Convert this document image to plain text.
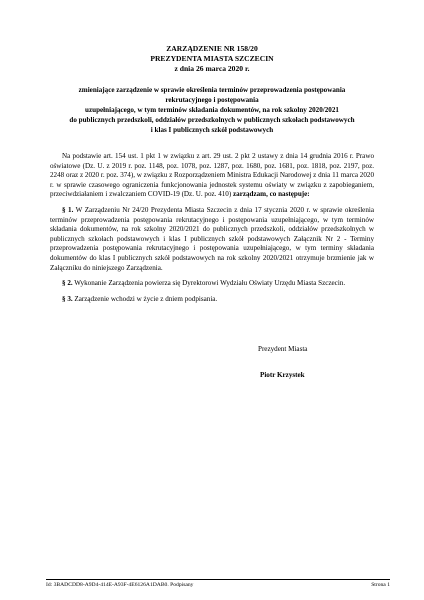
ZARZĄDZENIE NR 158/20
PREZYDENTA MIASTA SZCZECIN
z dnia 26 marca 2020 r.
zmieniające zarządzenie w sprawie określenia terminów przeprowadzenia postępowania
rekrutacyjnego i postępowania
uzupełniającego, w tym terminów składania dokumentów, na rok szkolny 2020/2021
do publicznych przedszkoli, oddziałów przedszkolnych w publicznych szkołach podstawowych
i klas I publicznych szkół podstawowych

Na podstawie art. 154 ust. 1 pkt 1 w związku z art. 29 ust. 2 pkt 2 ustawy z dnia 14 grudnia 2016 r. Prawo oświatowe (Dz. U. z 2019 r. poz. 1148, poz. 1078, poz. 1287, poz. 1680, poz. 1681, poz. 1818, poz. 2197, poz. 2248 oraz z 2020 r. poz. 374), w związku z Rozporządzeniem Ministra Edukacji Narodowej z dnia 11 marca 2020 r. w sprawie czasowego ograniczenia funkcjonowania jednostek systemu oświaty w związku z zapobieganiem, przeciwdziałaniem i zwalczaniem COVID-19 (Dz. U. poz. 410) zarządzam, co następuje:

§ 1. W Zarządzeniu Nr 24/20 Prezydenta Miasta Szczecin z dnia 17 stycznia 2020 r. w sprawie określenia terminów przeprowadzenia postępowania rekrutacyjnego i postępowania uzupełniającego, w tym terminów składania dokumentów, na rok szkolny 2020/2021 do publicznych przedszkoli, oddziałów przedszkolnych w publicznych szkołach podstawowych i klas I publicznych szkół podstawowych Załącznik Nr 2 - Terminy przeprowadzenia postępowania rekrutacyjnego i postępowania uzupełniającego, w tym terminy składania dokumentów do klas I publicznych szkół podstawowych na rok szkolny 2020/2021 otrzymuje brzmienie jak w Załączniku do niniejszego Zarządzenia.

§ 2. Wykonanie Zarządzenia powierza się Dyrektorowi Wydziału Oświaty Urzędu Miasta Szczecin.

§ 3. Zarządzenie wchodzi w życie z dniem podpisania.

Prezydent Miasta
Piotr Krzystek
Id: 3BADCDD8-A9D4-414E-A93F-4E6126A1DAB0. Podpisany	Strona 1
